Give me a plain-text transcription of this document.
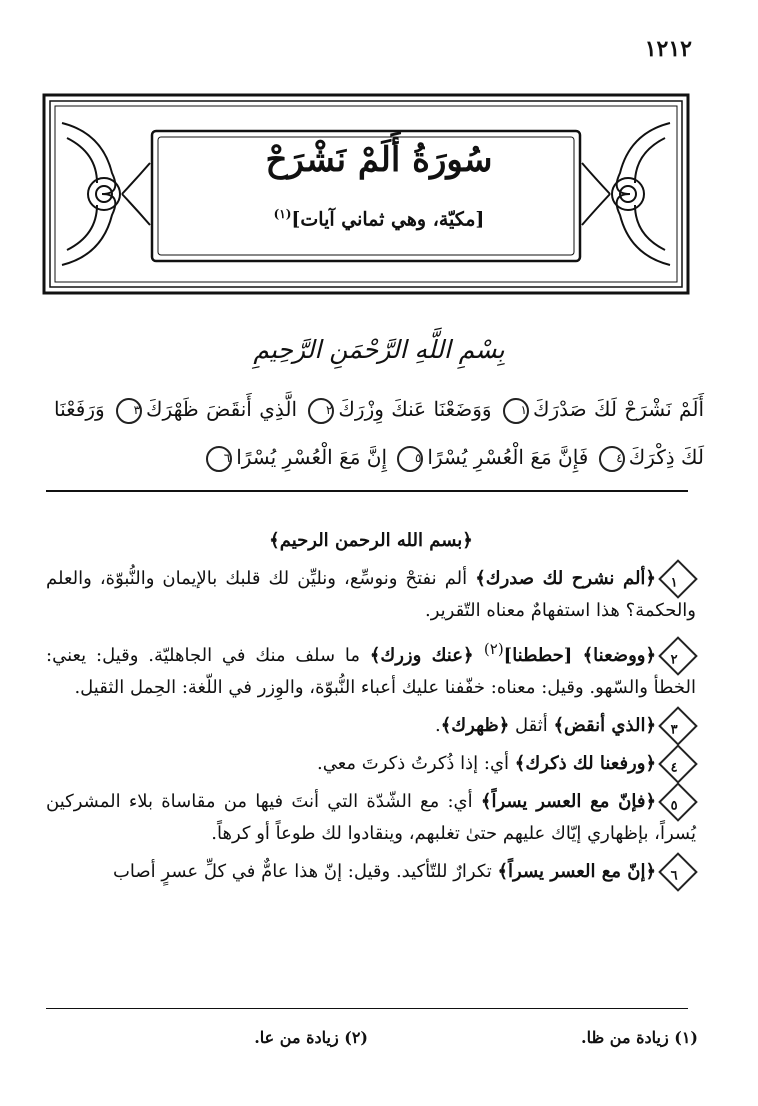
١٢١٢
سُورَةُ أَلَمْ نَشْرَحْ
[مكيّة، وهي ثماني آيات]$^{(١)}$
بِسْمِ اللَّهِ الرَّحْمَنِ الرَّحِيمِ
أَلَمْ نَشْرَحْ لَكَ صَدْرَكَ١ وَوَضَعْنَا عَنكَ وِزْرَكَ٢ الَّذِي أَنقَضَ ظَهْرَكَ٣ وَرَفَعْنَا لَكَ ذِكْرَكَ٤ فَإِنَّ مَعَ الْعُسْرِ يُسْرًا٥ إِنَّ مَعَ الْعُسْرِ يُسْرًا٦
﴿بسم الله الرحمن الرحيم﴾
١﴿ألم نشرح لك صدرك﴾ ألم نفتحْ ونوسِّع، ونليِّن لك قلبك بالإيمان والنُّبوّة، والعلم والحكمة؟ هذا استفهامٌ معناه التّقرير.
٢﴿ووضعنا﴾ [حططنا]$^{(٢)}$ ﴿عنك وزرك﴾ ما سلف منك في الجاهليّة. وقيل: يعني: الخطأ والسّهو. وقيل: معناه: خفّفنا عليك أعباء النُّبوّة، والوِزر في اللّغة: الحِمل الثقيل.
٣﴿الذي أنقض﴾ أثقل ﴿ظهرك﴾.
٤﴿ورفعنا لك ذكرك﴾ أي: إذا ذُكرتُ ذكرتَ معي.
٥﴿فإنّ مع العسر يسراً﴾ أي: مع الشّدّة التي أنتَ فيها من مقاساة بلاء المشركين يُسراً، بإظهاري إيّاك عليهم حتىٰ تغلبهم، وينقادوا لك طوعاً أو كرهاً.
٦﴿إنّ مع العسر يسراً﴾ تكرارٌ للتّأكيد. وقيل: إنّ هذا عامٌّ في كلِّ عسرٍ أصاب
(١) زيادة من ظا.
(٢) زيادة من عا.
